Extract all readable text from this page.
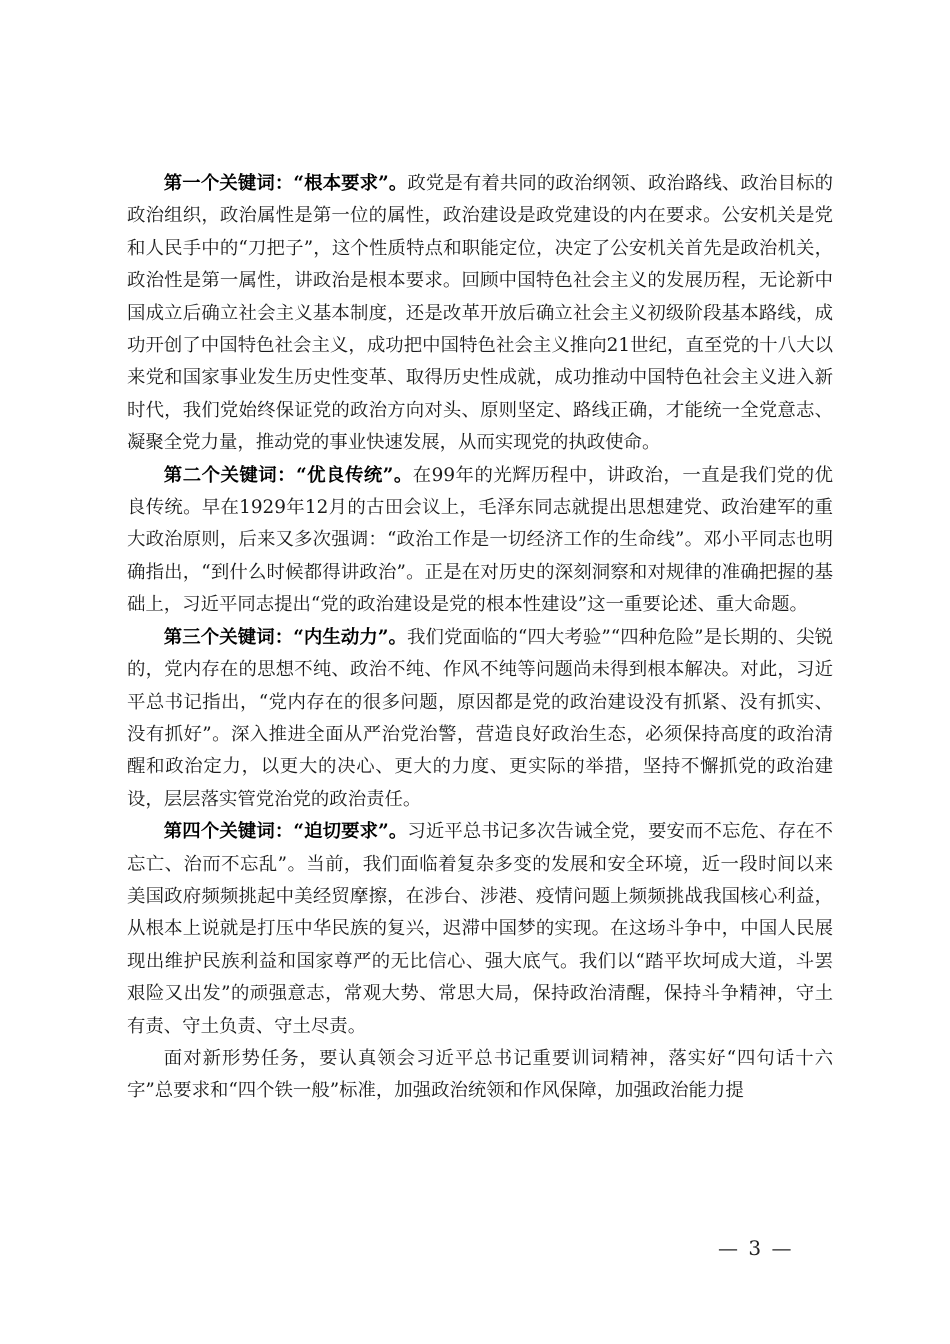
第一个关键词：“根本要求”。政党是有着共同的政治纲领、政治路线、政治目标的政治组织，政治属性是第一位的属性，政治建设是政党建设的内在要求。公安机关是党和人民手中的“刀把子”，这个性质特点和职能定位，决定了公安机关首先是政治机关，政治性是第一属性，讲政治是根本要求。回顾中国特色社会主义的发展历程，无论新中国成立后确立社会主义基本制度，还是改革开放后确立社会主义初级阶段基本路线，成功开创了中国特色社会主义，成功把中国特色社会主义推向21世纪，直至党的十八大以来党和国家事业发生历史性变革、取得历史性成就，成功推动中国特色社会主义进入新时代，我们党始终保证党的政治方向对头、原则坚定、路线正确，才能统一全党意志、凝聚全党力量，推动党的事业快速发展，从而实现党的执政使命。

第二个关键词：“优良传统”。在99年的光辉历程中，讲政治，一直是我们党的优良传统。早在1929年12月的古田会议上，毛泽东同志就提出思想建党、政治建军的重大政治原则，后来又多次强调：“政治工作是一切经济工作的生命线”。邓小平同志也明确指出，“到什么时候都得讲政治”。正是在对历史的深刻洞察和对规律的准确把握的基础上，习近平同志提出“党的政治建设是党的根本性建设”这一重要论述、重大命题。

第三个关键词：“内生动力”。我们党面临的“四大考验”“四种危险”是长期的、尖锐的，党内存在的思想不纯、政治不纯、作风不纯等问题尚未得到根本解决。对此，习近平总书记指出，“党内存在的很多问题，原因都是党的政治建设没有抓紧、没有抓实、没有抓好”。深入推进全面从严治党治警，营造良好政治生态，必须保持高度的政治清醒和政治定力，以更大的决心、更大的力度、更实际的举措，坚持不懈抓党的政治建设，层层落实管党治党的政治责任。

第四个关键词：“迫切要求”。习近平总书记多次告诫全党，要安而不忘危、存在不忘亡、治而不忘乱”。当前，我们面临着复杂多变的发展和安全环境，近一段时间以来美国政府频频挑起中美经贸摩擦，在涉台、涉港、疫情问题上频频挑战我国核心利益，从根本上说就是打压中华民族的复兴，迟滞中国梦的实现。在这场斗争中，中国人民展现出维护民族利益和国家尊严的无比信心、强大底气。我们以“踏平坎坷成大道，斗罢艰险又出发”的顽强意志，常观大势、常思大局，保持政治清醒，保持斗争精神，守土有责、守土负责、守土尽责。

面对新形势任务，要认真领会习近平总书记重要训词精神，落实好“四句话十六字”总要求和“四个铁一般”标准，加强政治统领和作风保障，加强政治能力提

— 3 —
